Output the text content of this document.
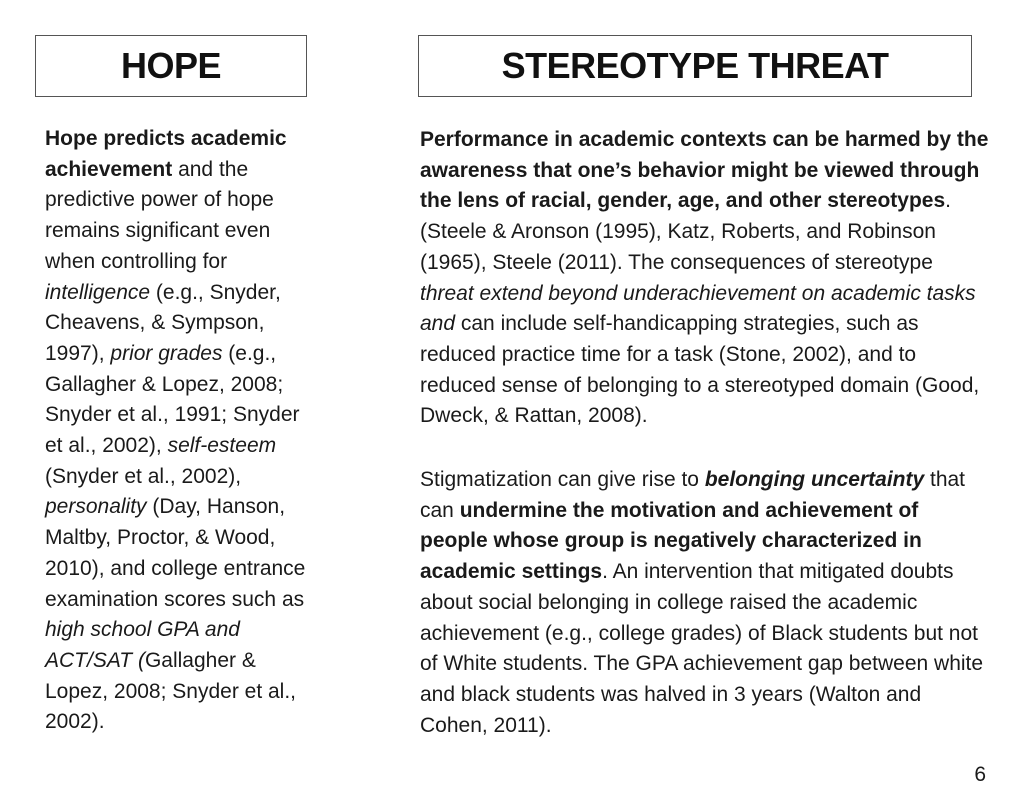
HOPE	STEREOTYPE THREAT
Hope predicts academic achievement and the predictive power of hope remains significant even when controlling for intelligence (e.g., Snyder, Cheavens, & Sympson, 1997), prior grades (e.g., Gallagher & Lopez, 2008; Snyder et al., 1991; Snyder et al., 2002), self-esteem (Snyder et al., 2002), personality (Day, Hanson, Maltby, Proctor, & Wood, 2010), and college entrance examination scores such as high school GPA and ACT/SAT (Gallagher & Lopez, 2008; Snyder et al., 2002).
Performance in academic contexts can be harmed by the awareness that one’s behavior might be viewed through the lens of racial, gender, age, and other stereotypes. (Steele & Aronson (1995), Katz, Roberts, and Robinson (1965), Steele (2011). The consequences of stereotype threat extend beyond underachievement on academic tasks and can include self-handicapping strategies, such as reduced practice time for a task (Stone, 2002), and to reduced sense of belonging to a stereotyped domain (Good, Dweck, & Rattan, 2008).
Stigmatization can give rise to belonging uncertainty that can undermine the motivation and achievement of people whose group is negatively characterized in academic settings. An intervention that mitigated doubts about social belonging in college raised the academic achievement (e.g., college grades) of Black students but not of White students. The GPA achievement gap between white and black students was halved in 3 years (Walton and Cohen, 2011).
6
